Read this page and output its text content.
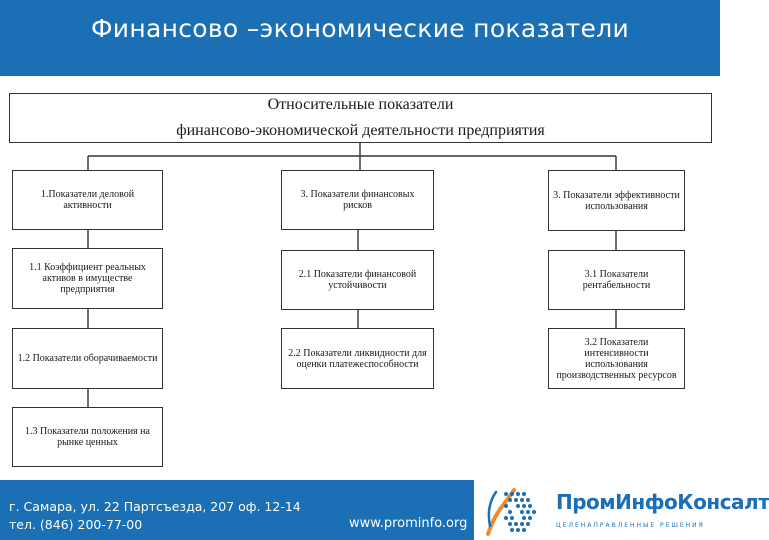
Финансово –экономические показатели
Относительные показатели
финансово-экономической деятельности предприятия
1.Показатели деловой активности
1.1 Коэффициент реальных активов в имуществе предприятия
1.2 Показатели оборачиваемости
1.3 Показатели положения на рынке ценных
3. Показатели финансовых рисков
2.1 Показатели финансовой устойчивости
2.2 Показатели ликвидности для оценки платежеспособности
3. Показатели эффективности использования
3.1 Показатели рентабельности
3.2 Показатели интенсивности использования производственных ресурсов
г. Самара, ул. 22 Партсъезда, 207 оф. 12-14
тел. (846) 200-77-00	www.prominfo.org
ПромИнфоКонсалт
ЦЕЛЕНАПРАВЛЕННЫЕ РЕШЕНИЯ
